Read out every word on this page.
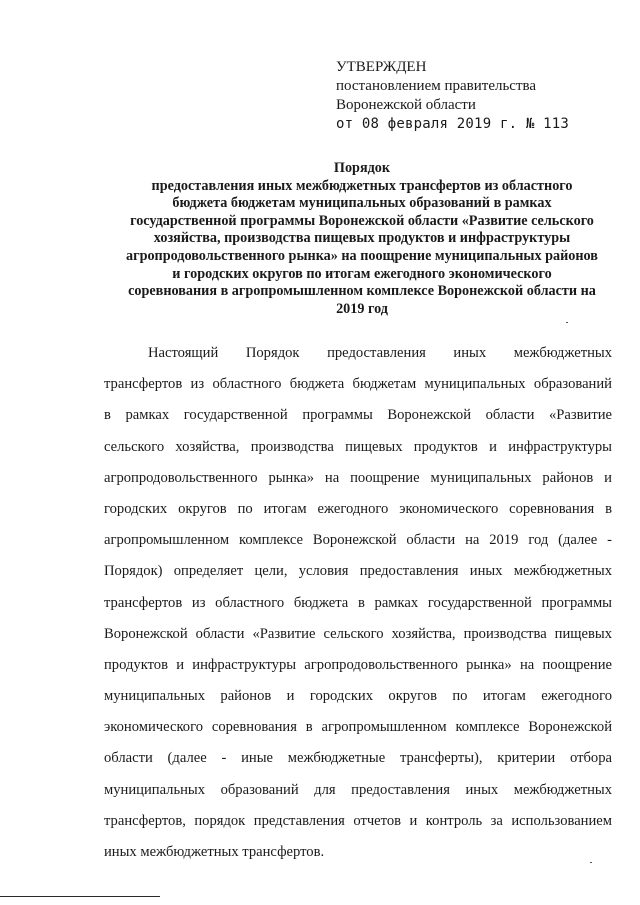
УТВЕРЖДЕН
постановлением правительства
Воронежской области
от 08 февраля 2019 г. № 113
Порядок
предоставления иных межбюджетных трансфертов из областного
бюджета бюджетам муниципальных образований в рамках
государственной программы Воронежской области «Развитие сельского
хозяйства, производства пищевых продуктов и инфраструктуры
агропродовольственного рынка» на поощрение муниципальных районов
и городских округов по итогам ежегодного экономического
соревнования в агропромышленном комплексе Воронежской области на
2019 год
Настоящий Порядок предоставления иных межбюджетных
трансфертов из областного бюджета бюджетам муниципальных образований
в рамках государственной программы Воронежской области «Развитие
сельского хозяйства, производства пищевых продуктов и инфраструктуры
агропродовольственного рынка» на поощрение муниципальных районов и
городских округов по итогам ежегодного экономического соревнования в
агропромышленном комплексе Воронежской области на 2019 год (далее -
Порядок) определяет цели, условия предоставления иных межбюджетных
трансфертов из областного бюджета в рамках государственной программы
Воронежской области «Развитие сельского хозяйства, производства пищевых
продуктов и инфраструктуры агропродовольственного рынка» на поощрение
муниципальных районов и городских округов по итогам ежегодного
экономического соревнования в агропромышленном комплексе Воронежской
области (далее - иные межбюджетные трансферты), критерии отбора
муниципальных образований для предоставления иных межбюджетных
трансфертов, порядок представления отчетов и контроль за использованием
иных межбюджетных трансфертов.
